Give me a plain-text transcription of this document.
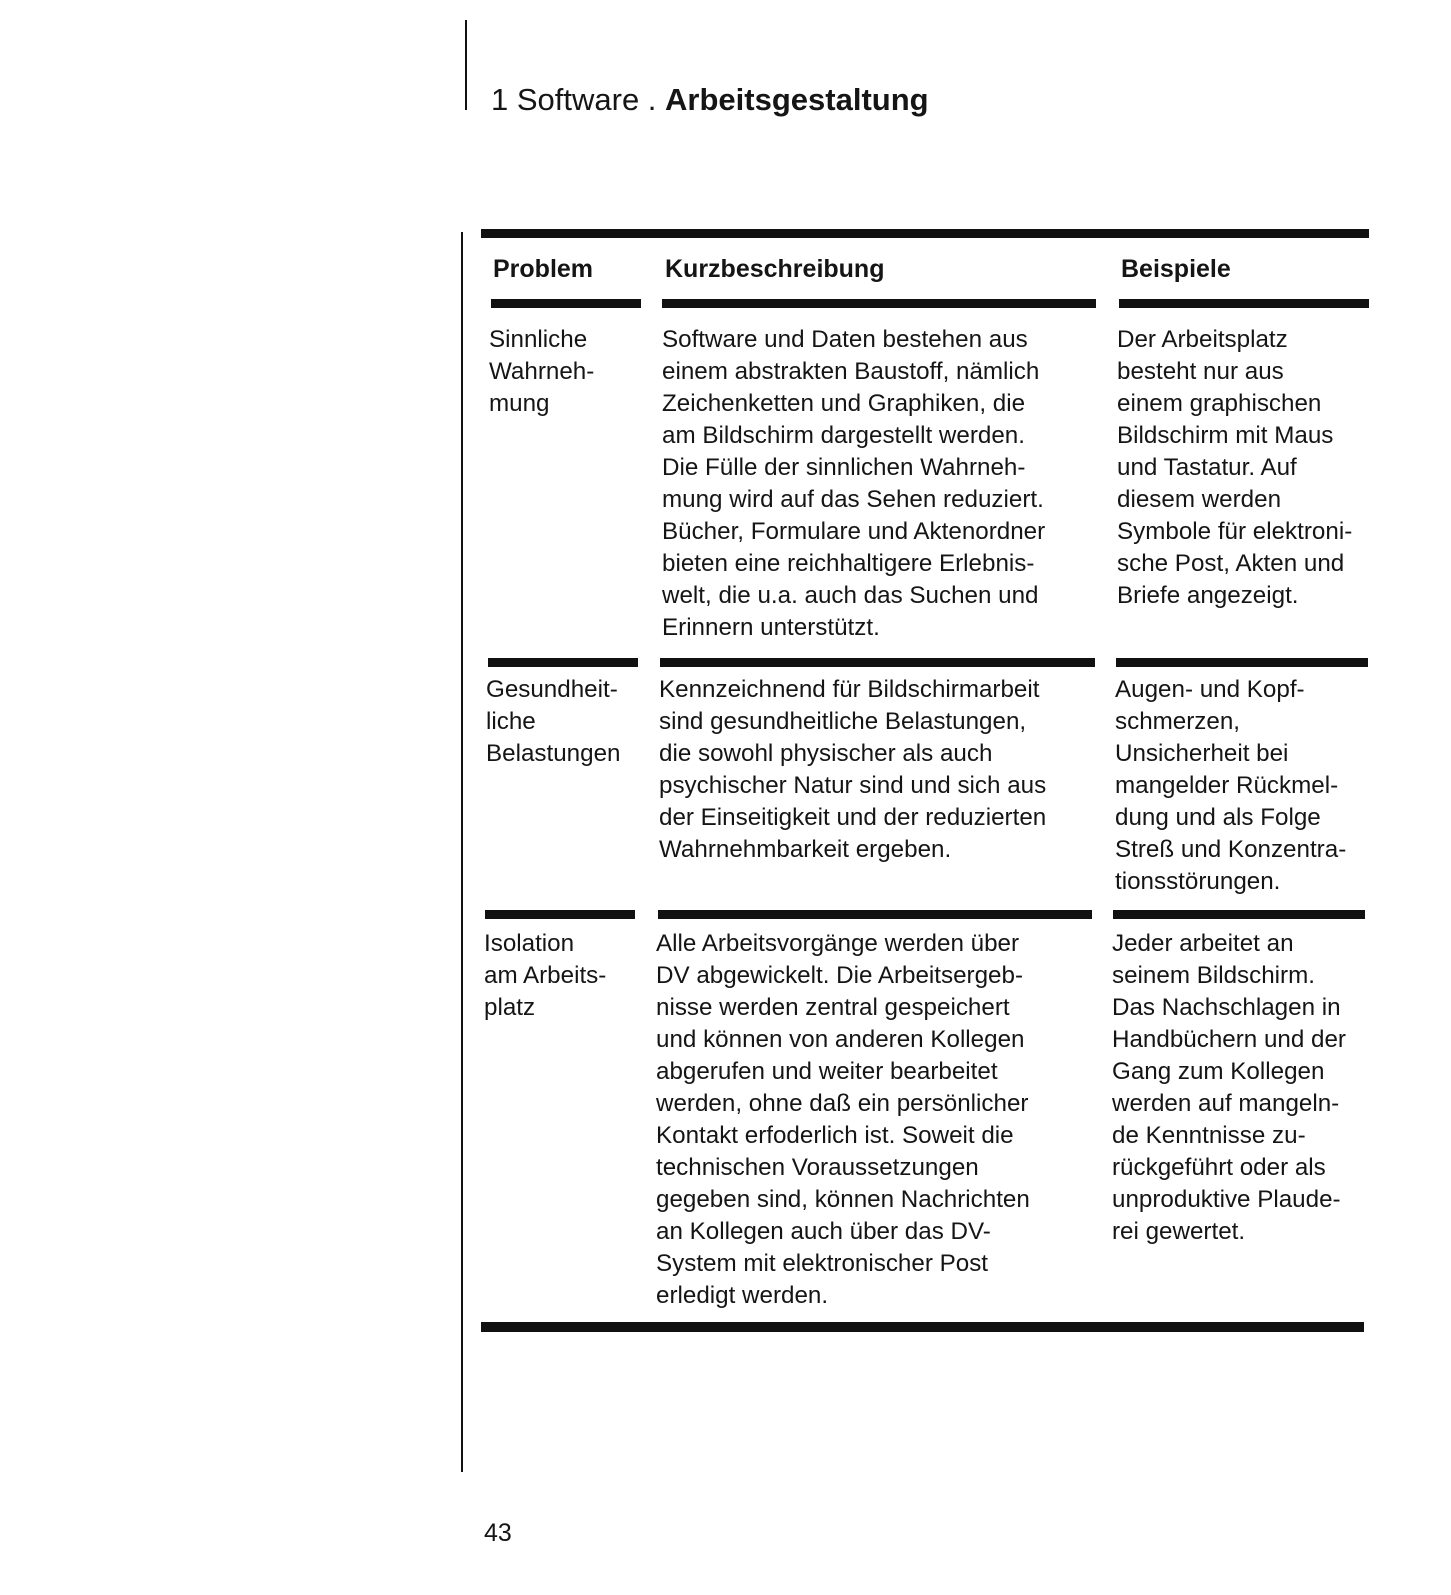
1 Software . Arbeitsgestaltung
Problem	Kurzbeschreibung	Beispiele
Sinnliche
Wahrneh-
mung
Software und Daten bestehen aus
einem abstrakten Baustoff, nämlich
Zeichenketten und Graphiken, die
am Bildschirm dargestellt werden.
Die Fülle der sinnlichen Wahrneh-
mung wird auf das Sehen reduziert.
Bücher, Formulare und Aktenordner
bieten eine reichhaltigere Erlebnis-
welt, die u.a. auch das Suchen und
Erinnern unterstützt.
Der Arbeitsplatz
besteht nur aus
einem graphischen
Bildschirm mit Maus
und Tastatur. Auf
diesem werden
Symbole für elektroni-
sche Post, Akten und
Briefe angezeigt.
Gesundheit-
liche
Belastungen
Kennzeichnend für Bildschirmarbeit
sind gesundheitliche Belastungen,
die sowohl physischer als auch
psychischer Natur sind und sich aus
der Einseitigkeit und der reduzierten
Wahrnehmbarkeit ergeben.
Augen- und Kopf-
schmerzen,
Unsicherheit bei
mangelder Rückmel-
dung und als Folge
Streß und Konzentra-
tionsstörungen.
Isolation
am Arbeits-
platz
Alle Arbeitsvorgänge werden über
DV abgewickelt. Die Arbeitsergeb-
nisse werden zentral gespeichert
und können von anderen Kollegen
abgerufen und weiter bearbeitet
werden, ohne daß ein persönlicher
Kontakt erfoderlich ist. Soweit die
technischen Voraussetzungen
gegeben sind, können Nachrichten
an Kollegen auch über das DV-
System mit elektronischer Post
erledigt werden.
Jeder arbeitet an
seinem Bildschirm.
Das Nachschlagen in
Handbüchern und der
Gang zum Kollegen
werden auf mangeln-
de Kenntnisse zu-
rückgeführt oder als
unproduktive Plaude-
rei gewertet.
43
